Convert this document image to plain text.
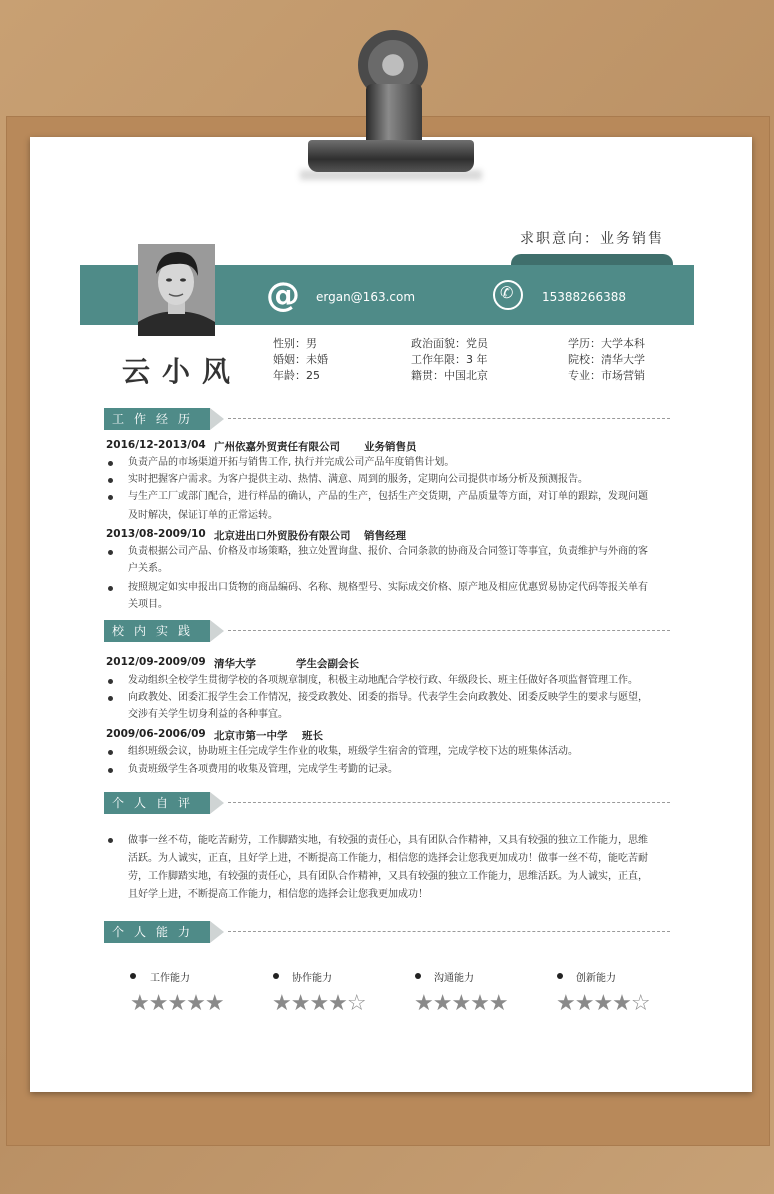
求职意向：业务销售
@ ergan@163.com	✆ 15388266388
云小风
性别：男
婚姻：未婚
年龄：25
政治面貌：党员
工作年限：3 年
籍贯：中国北京
学历：大学本科
院校：清华大学
专业：市场营销
工作经历
2016/12-2013/04 广州依嘉外贸责任有限公司 业务销售员
负责产品的市场渠道开拓与销售工作, 执行并完成公司产品年度销售计划。
实时把握客户需求。为客户提供主动、热情、满意、周到的服务，定期向公司提供市场分析及预测报告。
与生产工厂或部门配合，进行样品的确认，产品的生产，包括生产交货期，产品质量等方面，对订单的跟踪，发现问题
及时解决，保证订单的正常运转。
2013/08-2009/10 北京进出口外贸股份有限公司 销售经理
负责根据公司产品、价格及市场策略，独立处置询盘、报价、合同条款的协商及合同签订等事宜，负责维护与外商的客
户关系。
按照规定如实申报出口货物的商品编码、名称、规格型号、实际成交价格、原产地及相应优惠贸易协定代码等报关单有
关项目。
校内实践
2012/09-2009/09 清华大学	学生会副会长
发动组织全校学生贯彻学校的各项规章制度，积极主动地配合学校行政、年级段长、班主任做好各项监督管理工作。
向政教处、团委汇报学生会工作情况，接受政教处、团委的指导。代表学生会向政教处、团委反映学生的要求与愿望，
交涉有关学生切身利益的各种事宜。
2009/06-2006/09 北京市第一中学 班长
组织班级会议，协助班主任完成学生作业的收集，班级学生宿舍的管理，完成学校下达的班集体活动。
负责班级学生各项费用的收集及管理，完成学生考勤的记录。
个人自评
做事一丝不苟，能吃苦耐劳，工作脚踏实地，有较强的责任心，具有团队合作精神，又具有较强的独立工作能力，思维
活跃。为人诚实，正直，且好学上进，不断提高工作能力，相信您的选择会让您我更加成功！做事一丝不苟，能吃苦耐
劳，工作脚踏实地，有较强的责任心，具有团队合作精神，又具有较强的独立工作能力，思维活跃。为人诚实，正直，
且好学上进，不断提高工作能力，相信您的选择会让您我更加成功！
个人能力
工作能力
★★★★★
协作能力
★★★★☆
沟通能力
★★★★★
创新能力
★★★★☆
